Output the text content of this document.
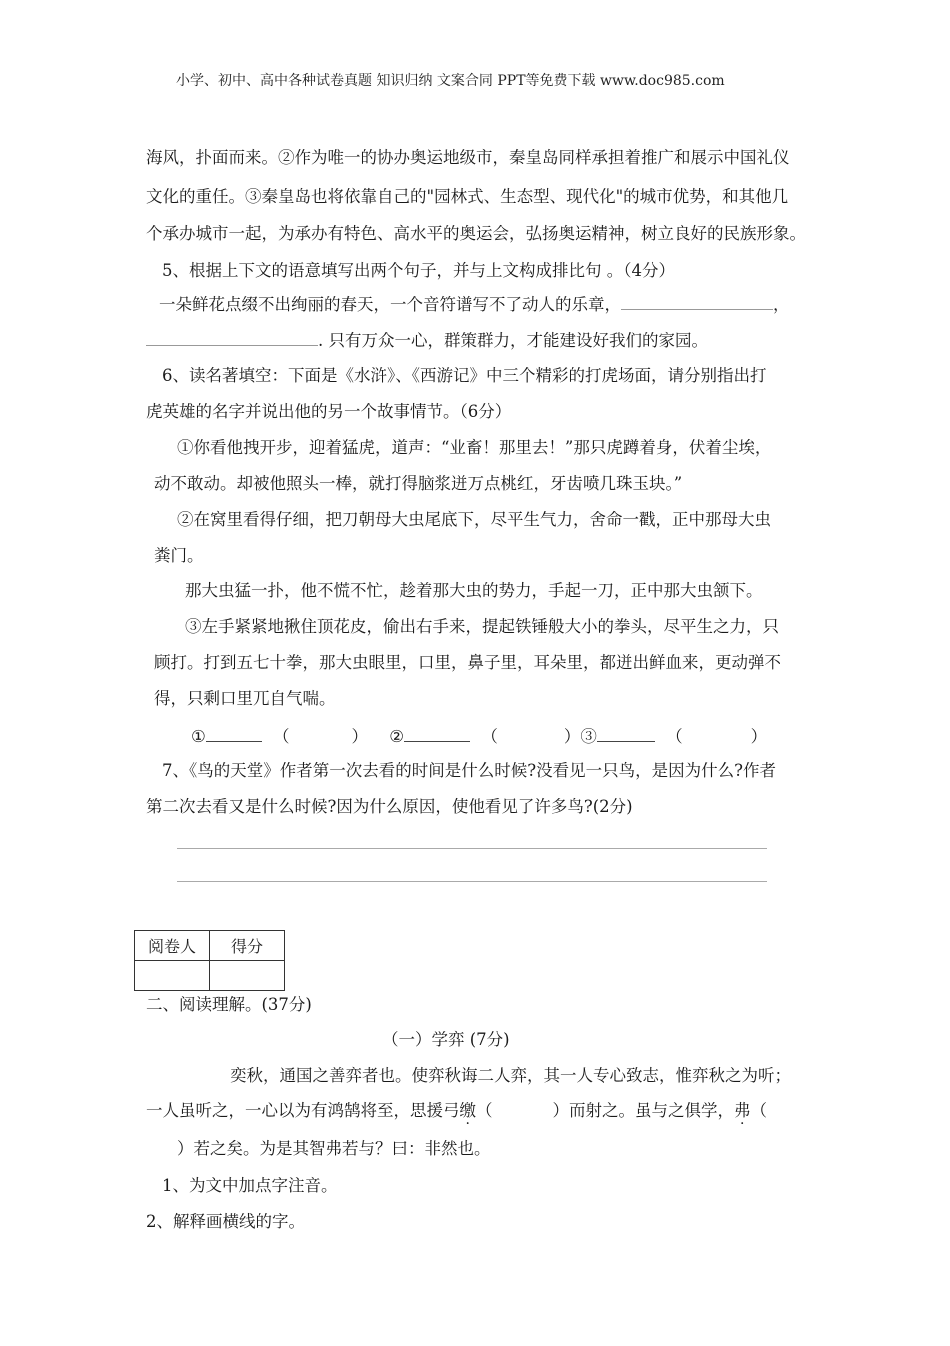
小学、初中、高中各种试卷真题 知识归纳 文案合同 PPT等免费下载 www.doc985.com
海风，扑面而来。②作为唯一的协办奥运地级市，秦皇岛同样承担着推广和展示中国礼仪
文化的重任。③秦皇岛也将依靠自己的"园林式、生态型、现代化"的城市优势，和其他几
个承办城市一起，为承办有特色、高水平的奥运会，弘扬奥运精神，树立良好的民族形象。
5、根据上下文的语意填写出两个句子，并与上文构成排比句 。（4分）
一朵鲜花点缀不出绚丽的春天，一个音符谱写不了动人的乐章，	，
. 只有万众一心，群策群力，才能建设好我们的家园。
6、读名著填空：下面是《水浒》、《西游记》中三个精彩的打虎场面，请分别指出打
虎英雄的名字并说出他的另一个故事情节。（6分）
①你看他拽开步，迎着猛虎，道声：“业畜！那里去！”那只虎蹲着身，伏着尘埃，
动不敢动。却被他照头一棒，就打得脑浆迸万点桃红，牙齿喷几珠玉块。”
②在窝里看得仔细，把刀朝母大虫尾底下，尽平生气力，舍命一戳，正中那母大虫
粪门。
那大虫猛一扑，他不慌不忙，趁着那大虫的势力，手起一刀，正中那大虫颔下。
③左手紧紧地揪住顶花皮，偷出右手来，提起铁锤般大小的拳头，尽平生之力，只
顾打。打到五七十拳，那大虫眼里，口里，鼻子里，耳朵里，都迸出鲜血来，更动弹不
得，只剩口里兀自气喘。
①	（	） ②	（	）③	（	）
7、《鸟的天堂》作者第一次去看的时间是什么时候?没看见一只鸟，是因为什么?作者
第二次去看又是什么时候?因为什么原因，使他看见了许多鸟?(2分)
阅卷人	得分

二、阅读理解。(37分)
（一）学弈 (7分)
奕秋，通国之善弈者也。使弈秋诲二人弈，其一人专心致志，惟弈秋之为听；
一人虽听之，一心以为有鸿鹄将至，思援弓缴（	）而射之。虽与之俱学，弗（
）若之矣。为是其智弗若与？曰：非然也。
1、为文中加点字注音。
2、解释画横线的字。
